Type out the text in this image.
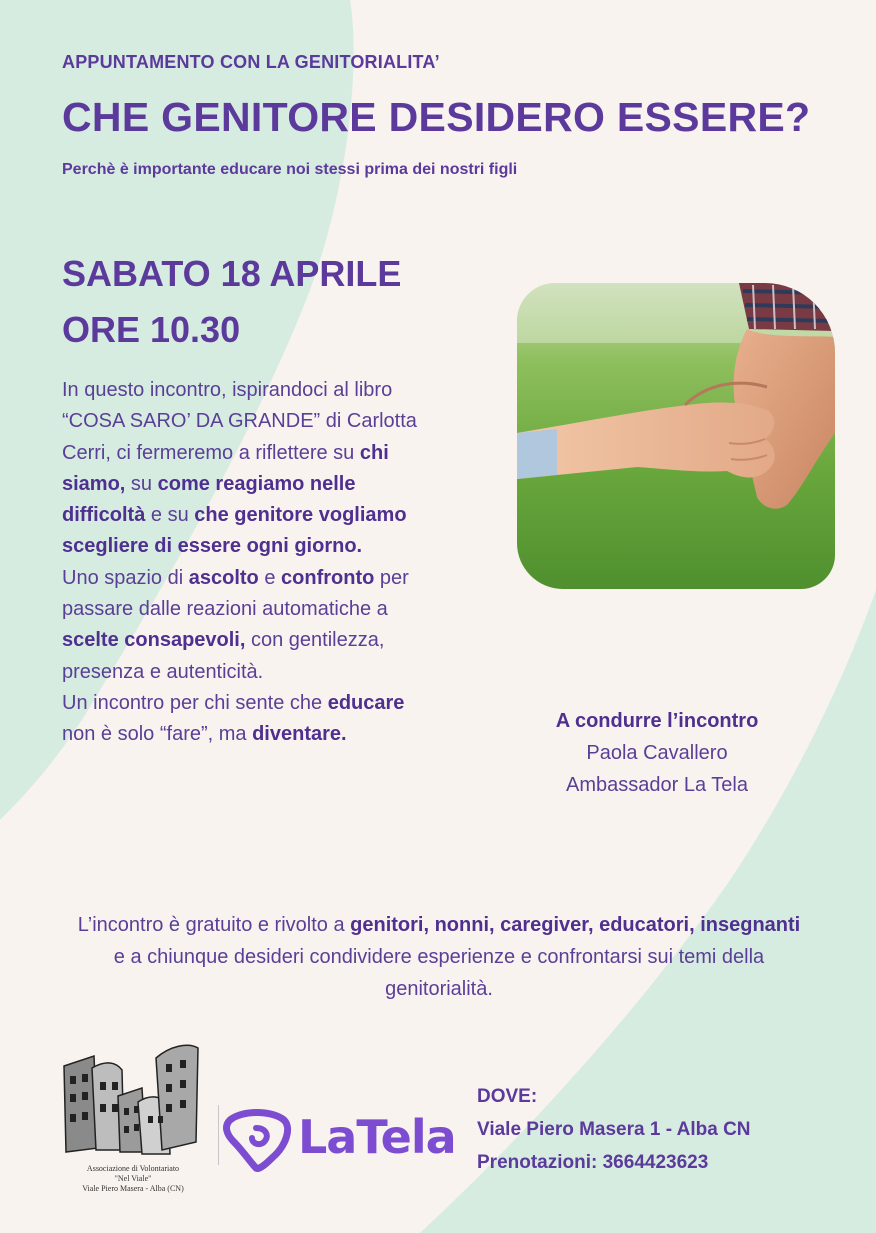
APPUNTAMENTO CON LA GENITORIALITA’
CHE GENITORE DESIDERO ESSERE?
Perchè è importante educare noi stessi prima dei nostri figli
SABATO 18 APRILE
ORE 10.30
In questo incontro, ispirandoci al libro “COSA SARO’ DA GRANDE” di Carlotta Cerri, ci fermeremo a riflettere su chi siamo, su come reagiamo nelle difficoltà e su che genitore vogliamo scegliere di essere ogni giorno.
Uno spazio di ascolto e confronto per passare dalle reazioni automatiche a scelte consapevoli, con gentilezza, presenza e autenticità.
Un incontro per chi sente che educare non è solo “fare”, ma diventare.
A condurre l’incontro
Paola Cavallero
Ambassador La Tela
L’incontro è gratuito e rivolto a genitori, nonni, caregiver, educatori, insegnanti e a chiunque desideri condividere esperienze e confrontarsi sui temi della genitorialità.
Associazione di Volontariato
"Nel Viale"
Viale Piero Masera - Alba (CN)
LaTela
DOVE:
Viale Piero Masera 1 - Alba CN
Prenotazioni: 3664423623
